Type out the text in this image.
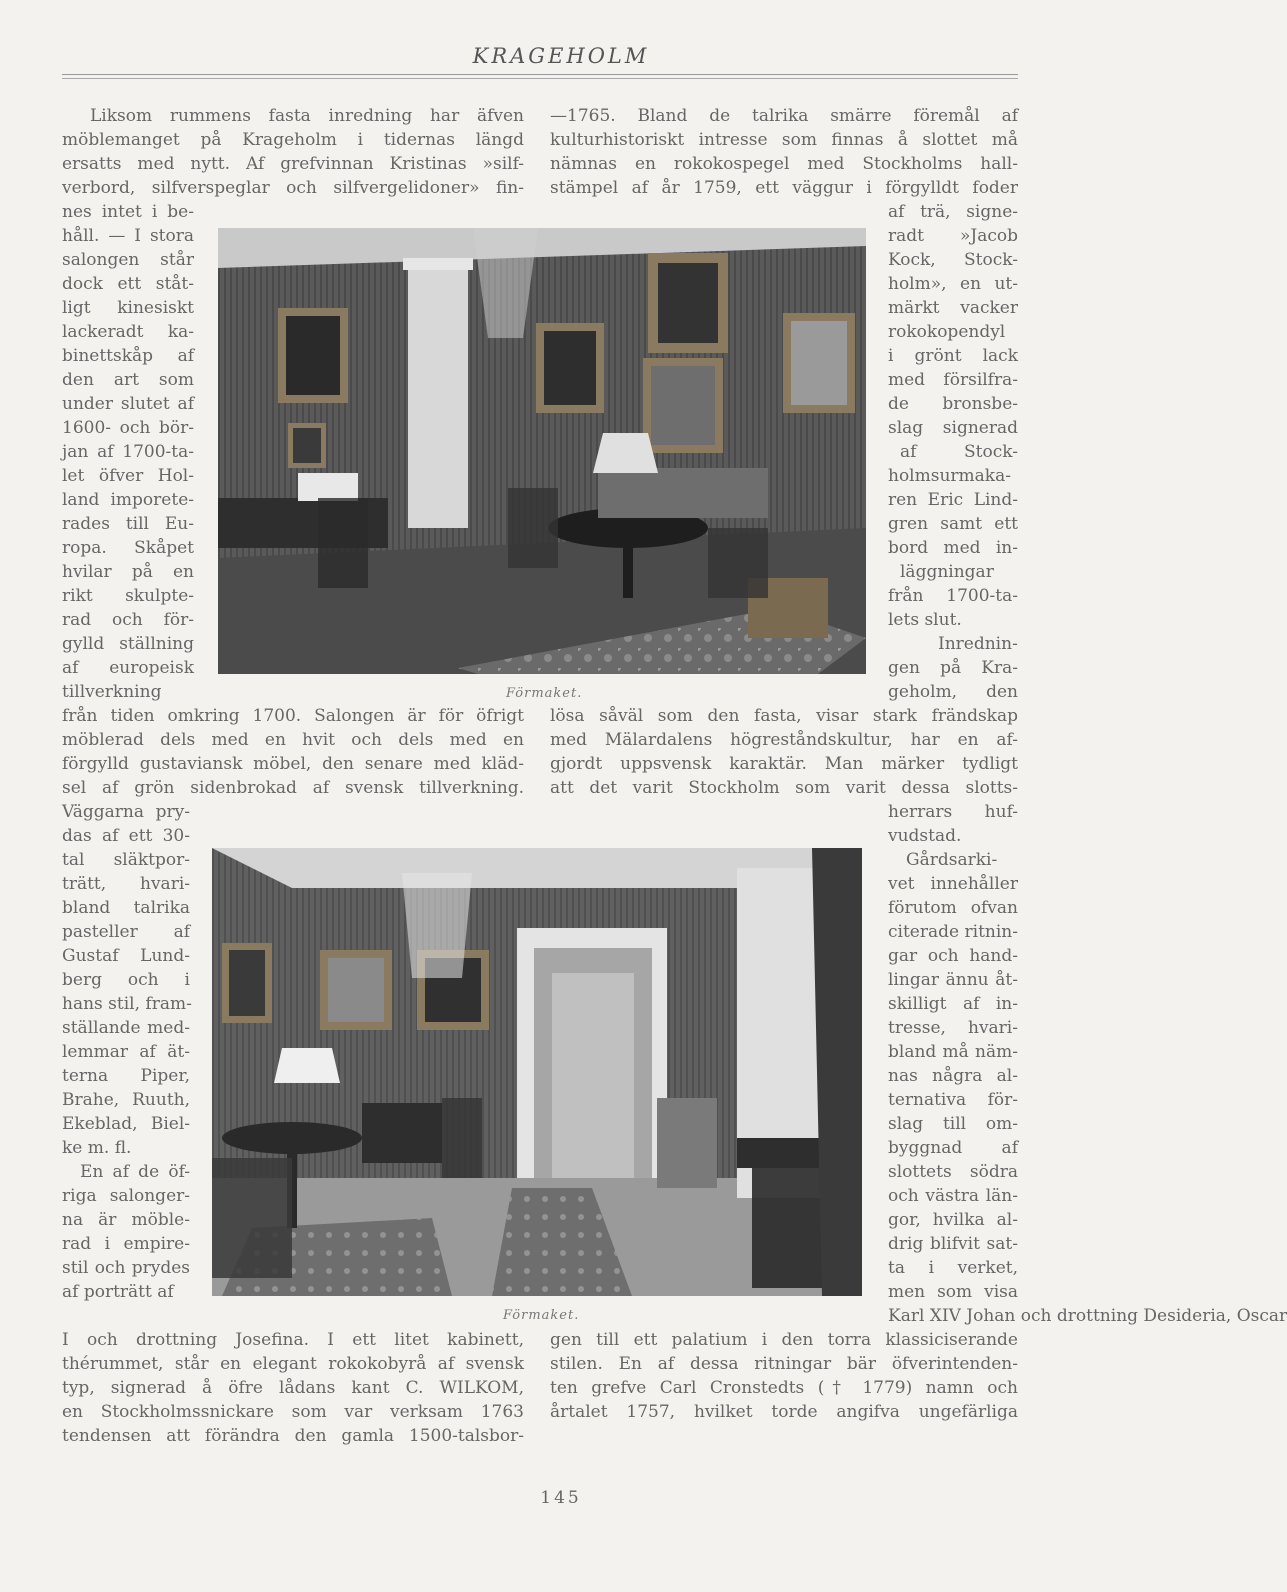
KRAGEHOLM
Förmaket.
Förmaket.
Liksom rummens fasta inredning har äfven
möblemanget på Krageholm i tidernas längd
ersatts med nytt. Af grefvinnan Kristinas »silf-
verbord, silfverspeglar och silfvergelidoner» fin-
nes intet i be-
håll. — I stora
salongen står
dock ett ståt-
ligt kinesiskt
lackeradt ka-
binettskåp af
den art som
under slutet af
1600- och bör-
jan af 1700-ta-
let öfver Hol-
land imporete-
rades till Eu-
ropa. Skåpet
hvilar på en
rikt skulpte-
rad och för-
gylld ställning
af europeisk
tillverkning
—1765. Bland de talrika smärre föremål af
kulturhistoriskt intresse som finnas å slottet må
nämnas en rokokospegel med Stockholms hall-
stämpel af år 1759, ett väggur i förgylldt foder
af trä, signe-
radt »Jacob
Kock, Stock-
holm», en ut-
märkt vacker
rokokopendyl
i grönt lack
med försilfra-
de bronsbe-
slag signerad
af Stock-
holmsurmaka-
ren Eric Lind-
gren samt ett
bord med in-
läggningar
från 1700-ta-
lets slut.
Inrednin-
gen på Kra-
geholm, den
från tiden omkring 1700. Salongen är för öfrigt
möblerad dels med en hvit och dels med en
förgylld gustaviansk möbel, den senare med kläd-
sel af grön sidenbrokad af svensk tillverkning.
lösa såväl som den fasta, visar stark frändskap
med Mälardalens högreståndskultur, har en af-
gjordt uppsvensk karaktär. Man märker tydligt
att det varit Stockholm som varit dessa slotts-
Väggarna pry-
das af ett 30-
tal släktpor-
trätt, hvari-
bland talrika
pasteller af
Gustaf Lund-
berg och i
hans stil, fram-
ställande med-
lemmar af ät-
terna Piper,
Brahe, Ruuth,
Ekeblad, Biel-
ke m. fl.
En af de öf-
riga salonger-
na är möble-
rad i empire-
stil och prydes
af porträtt af
herrars huf-
vudstad.
Gårdsarki-
vet innehåller
förutom ofvan
citerade ritnin-
gar och hand-
lingar ännu åt-
skilligt af in-
tresse, hvari-
bland må näm-
nas några al-
ternativa för-
slag till om-
byggnad af
slottets södra
och västra län-
gor, hvilka al-
drig blifvit sat-
ta i verket,
men som visa
Karl XIV Johan och drottning Desideria, Oscar
I och drottning Josefina. I ett litet kabinett,
thérummet, står en elegant rokokobyrå af svensk
typ, signerad å öfre lådans kant C. WILKOM,
en Stockholmssnickare som var verksam 1763
tendensen att förändra den gamla 1500-talsbor-
gen till ett palatium i den torra klassiciserande
stilen. En af dessa ritningar bär öfverintenden-
ten grefve Carl Cronstedts († 1779) namn och
årtalet 1757, hvilket torde angifva ungefärliga
145
